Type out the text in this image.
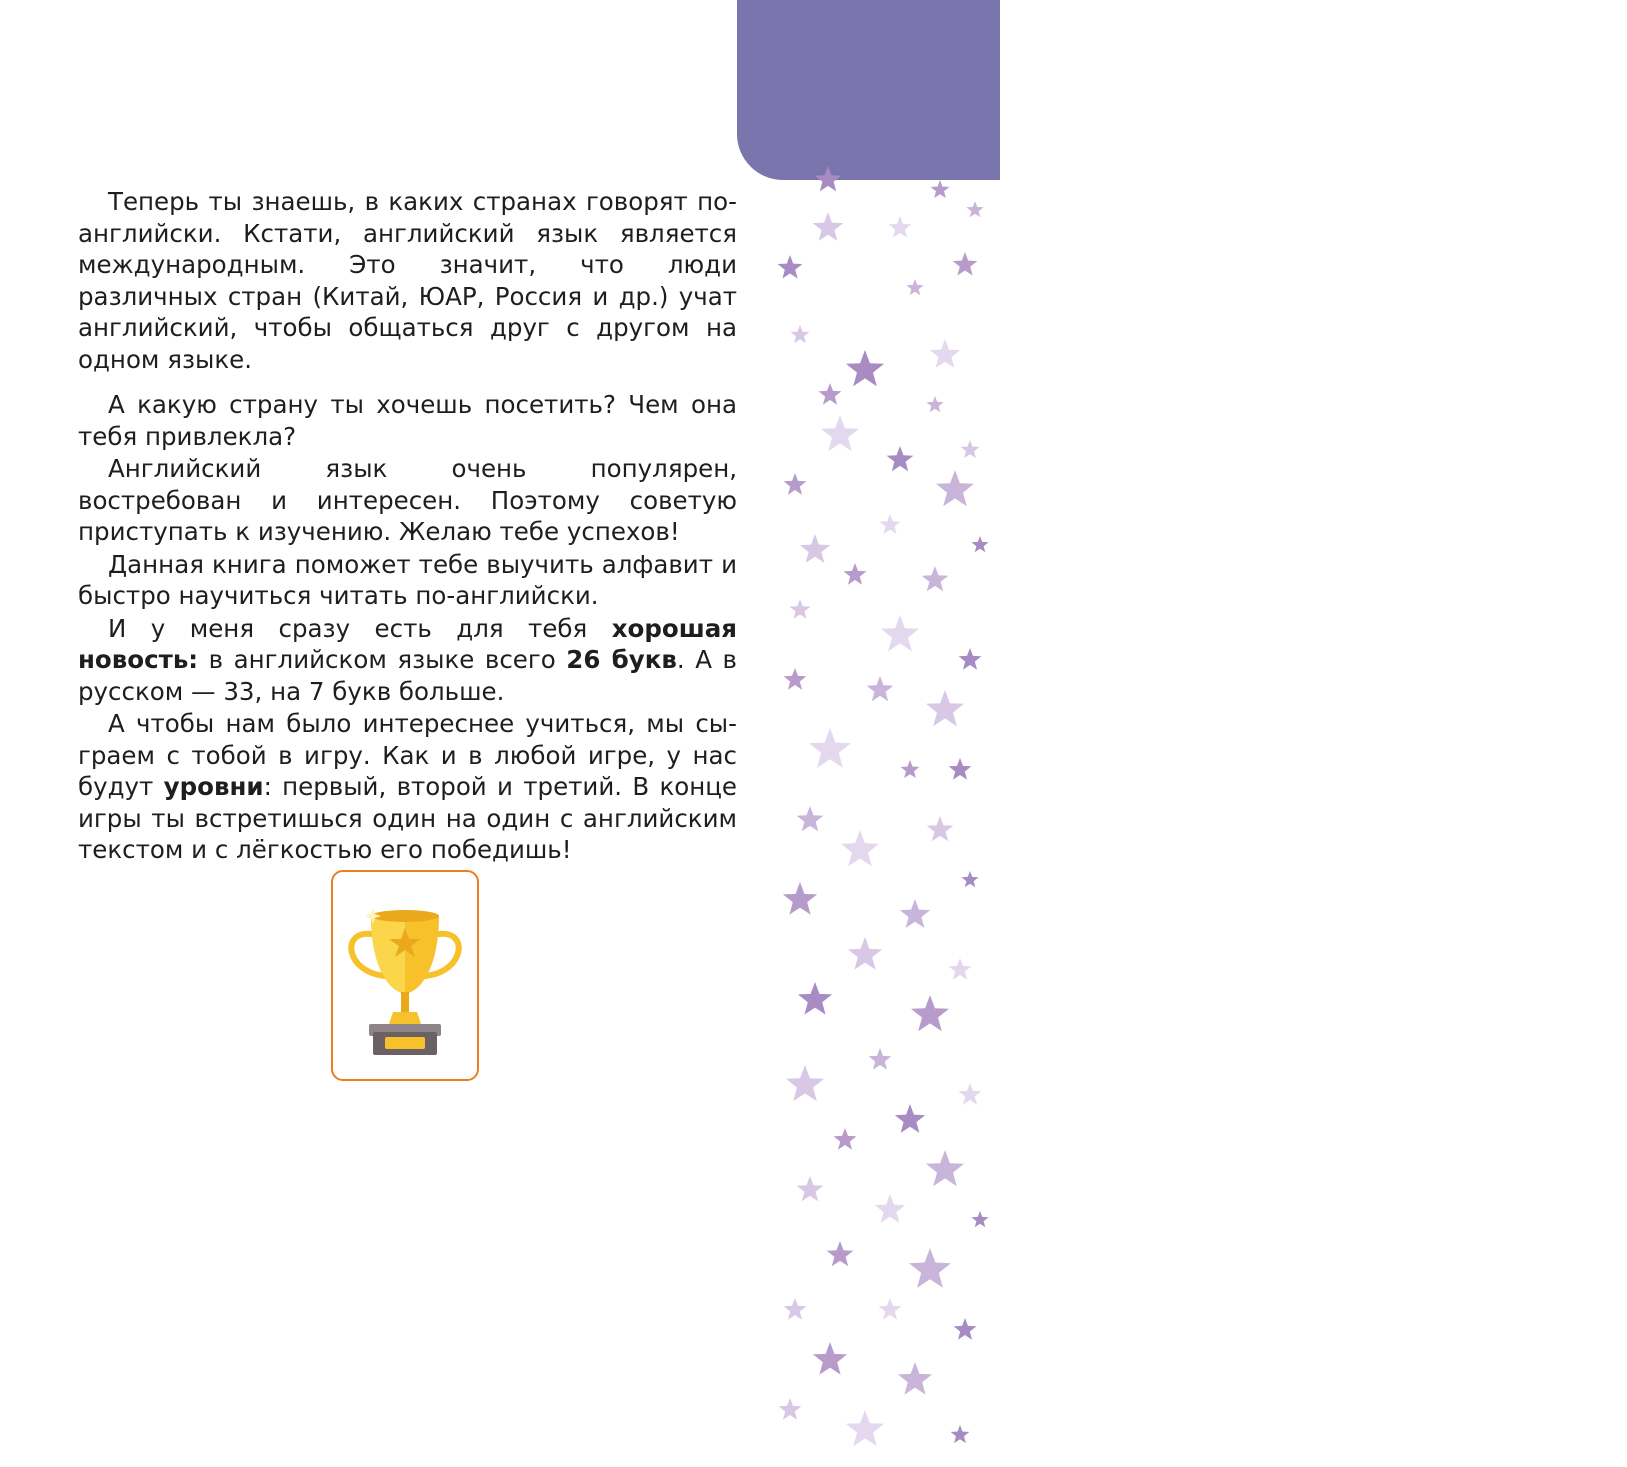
11

Теперь ты знаешь, в каких странах говорят по-английски. Кстати, английский язык является международным. Это значит, что люди различных стран (Китай, ЮАР, Россия и др.) учат английский, чтобы общаться друг с другом на одном языке.

А какую страну ты хочешь посетить? Чем она тебя привлекла?

Английский язык очень популярен, востребован и интересен. Поэтому советую приступать к изучению. Желаю тебе успехов!

Данная книга поможет тебе выучить алфавит и быстро научиться читать по-английски.

И у меня сразу есть для тебя хорошая новость: в английском языке всего 26 букв. А в русском — 33, на 7 букв больше.

А чтобы нам было интереснее учиться, мы сыграем с тобой в игру. Как и в любой игре, у нас будут уровни: первый, второй и третий. В конце игры ты встретишься один на один с английским текстом и с лёгкостью его победишь!
